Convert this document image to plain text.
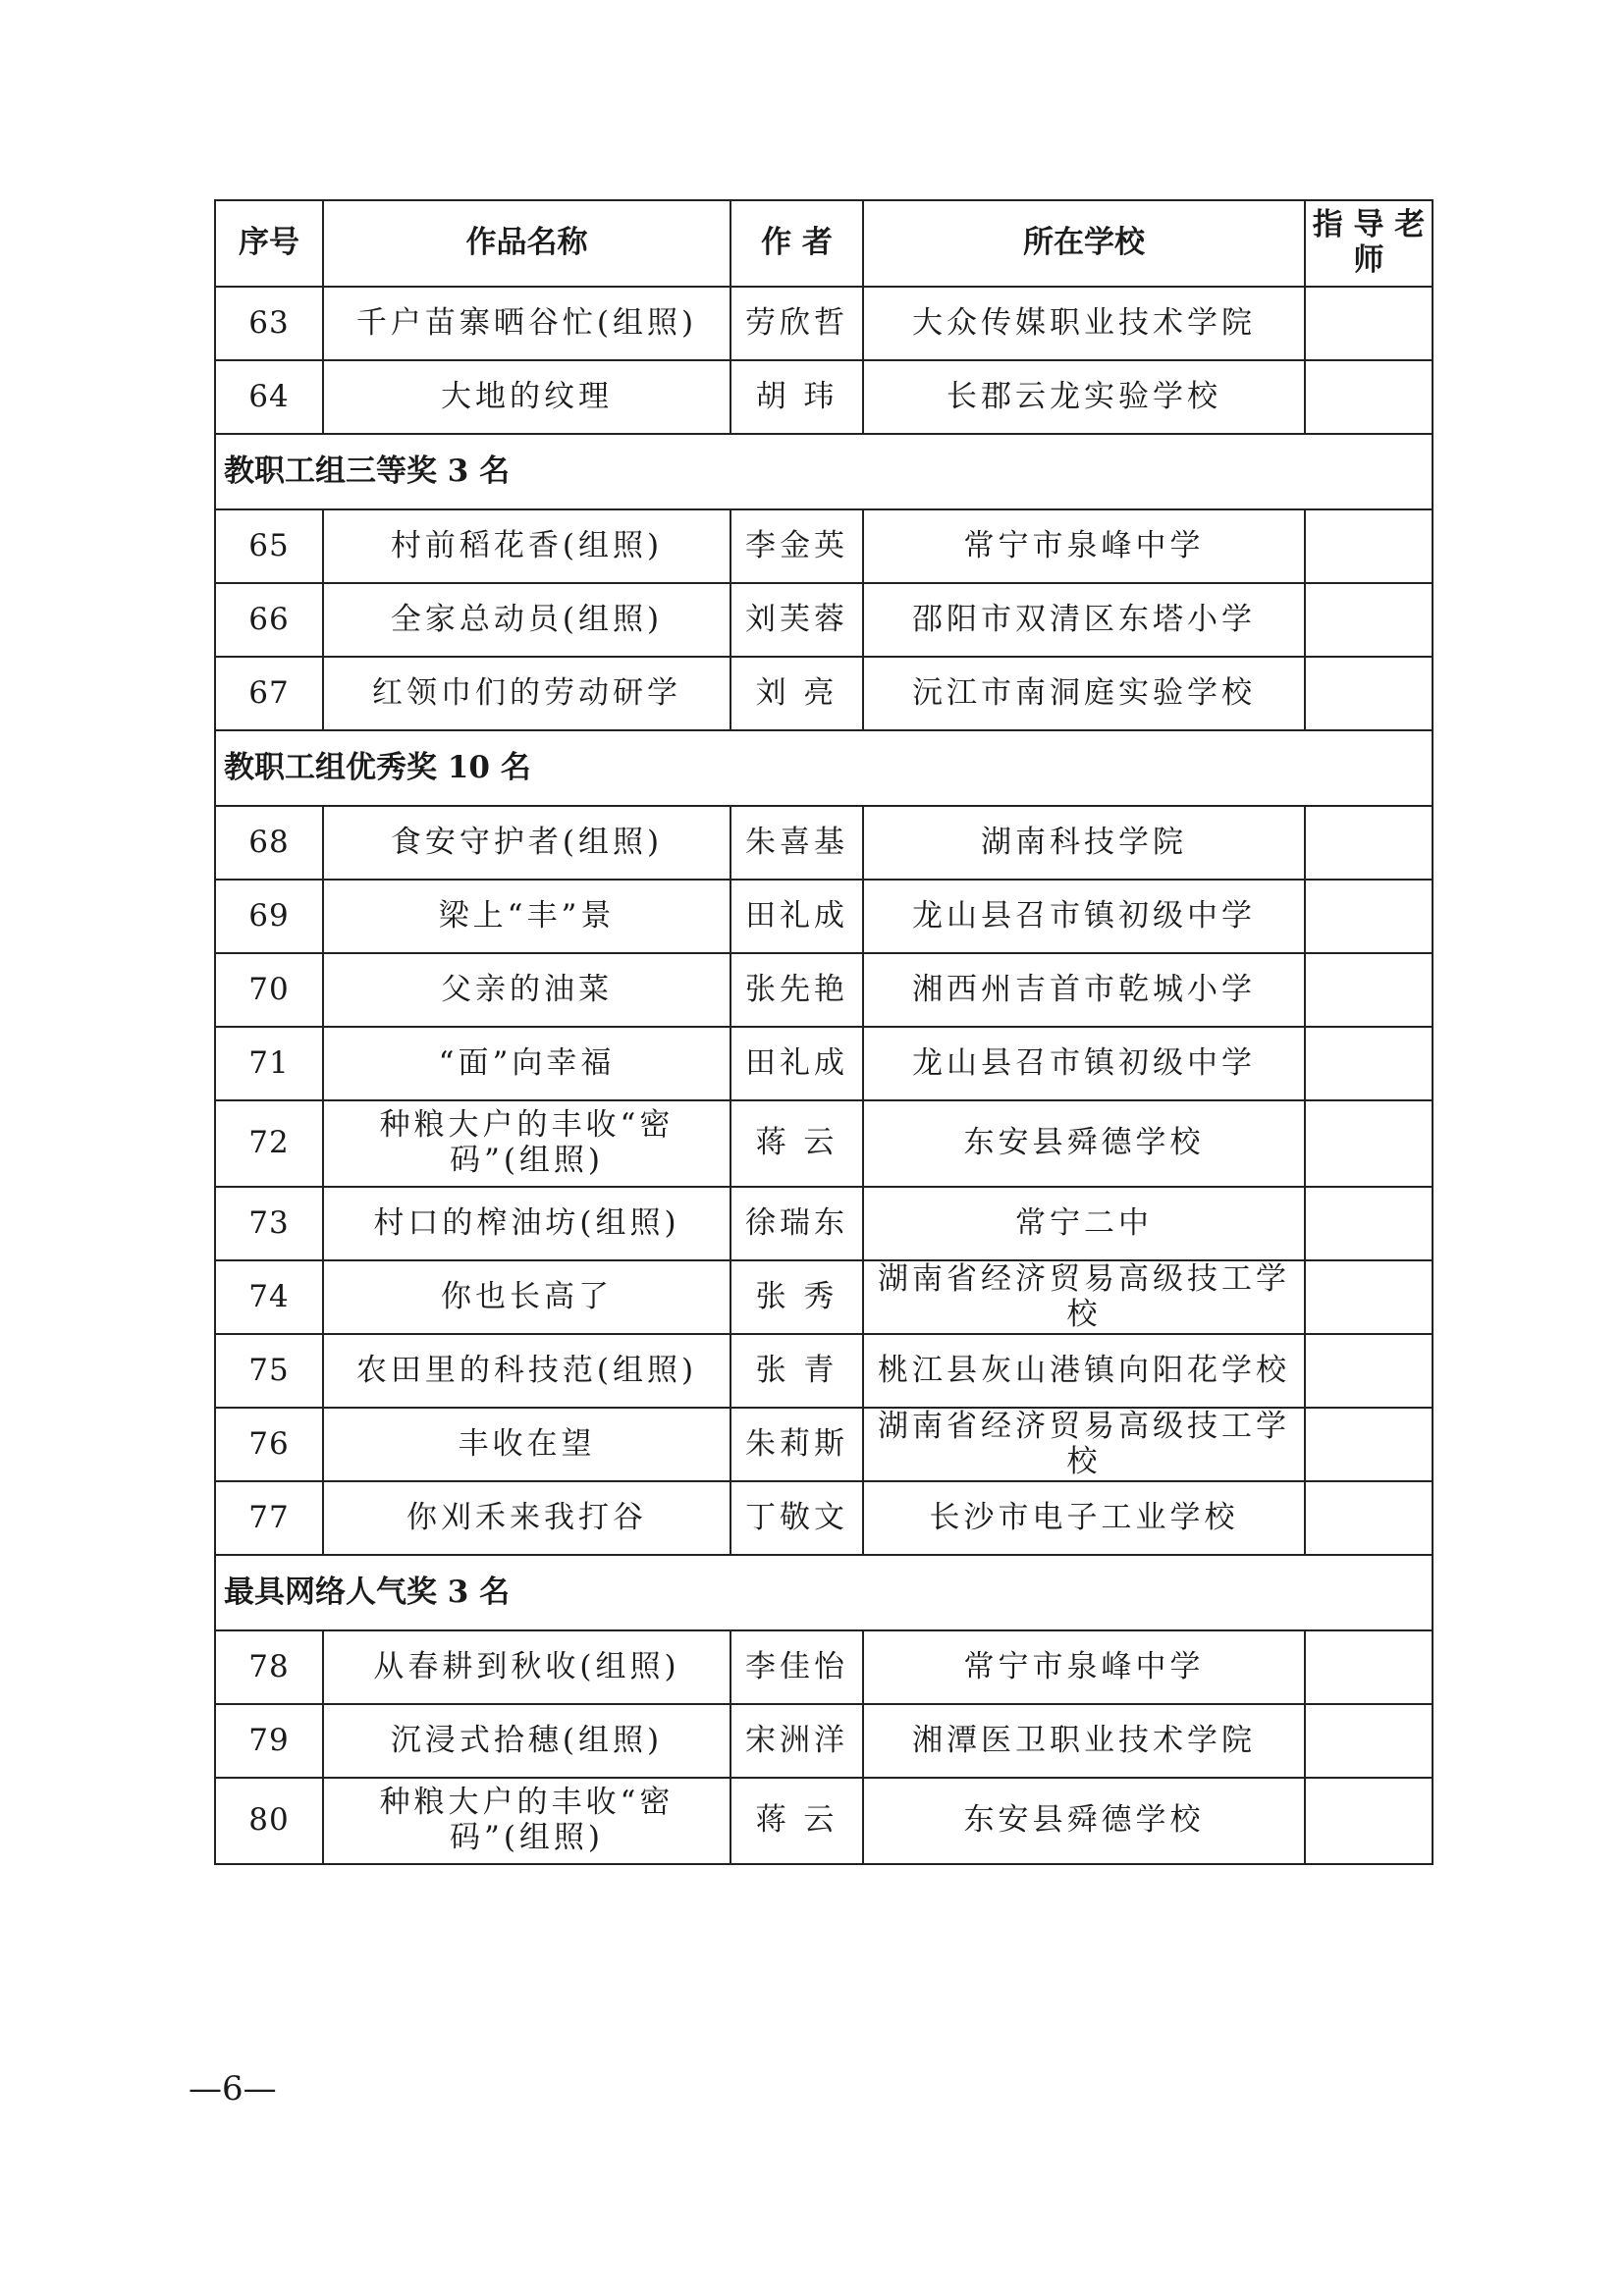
序号	作品名称	作 者	所在学校	指 导 老 师
63	千户苗寨晒谷忙(组照)	劳欣哲	大众传媒职业技术学院	
64	大地的纹理	胡 玮	长郡云龙实验学校	
教职工组三等奖 3 名				
65	村前稻花香(组照)	李金英	常宁市泉峰中学	
66	全家总动员(组照)	刘芙蓉	邵阳市双清区东塔小学	
67	红领巾们的劳动研学	刘 亮	沅江市南洞庭实验学校	
教职工组优秀奖 10 名				
68	食安守护者(组照)	朱喜基	湖南科技学院	
69	梁上“丰”景	田礼成	龙山县召市镇初级中学	
70	父亲的油菜	张先艳	湘西州吉首市乾城小学	
71	“面”向幸福	田礼成	龙山县召市镇初级中学	
72	种粮大户的丰收“密码”(组照)	蒋 云	东安县舜德学校	
73	村口的榨油坊(组照)	徐瑞东	常宁二中	
74	你也长高了	张 秀	湖南省经济贸易高级技工学校	
75	农田里的科技范(组照)	张 青	桃江县灰山港镇向阳花学校	
76	丰收在望	朱莉斯	湖南省经济贸易高级技工学校	
77	你刈禾来我打谷	丁敬文	长沙市电子工业学校	
最具网络人气奖 3 名				
78	从春耕到秋收(组照)	李佳怡	常宁市泉峰中学	
79	沉浸式拾穗(组照)	宋洲洋	湘潭医卫职业技术学院	
80	种粮大户的丰收“密码”(组照)	蒋 云	东安县舜德学校	
—6—
